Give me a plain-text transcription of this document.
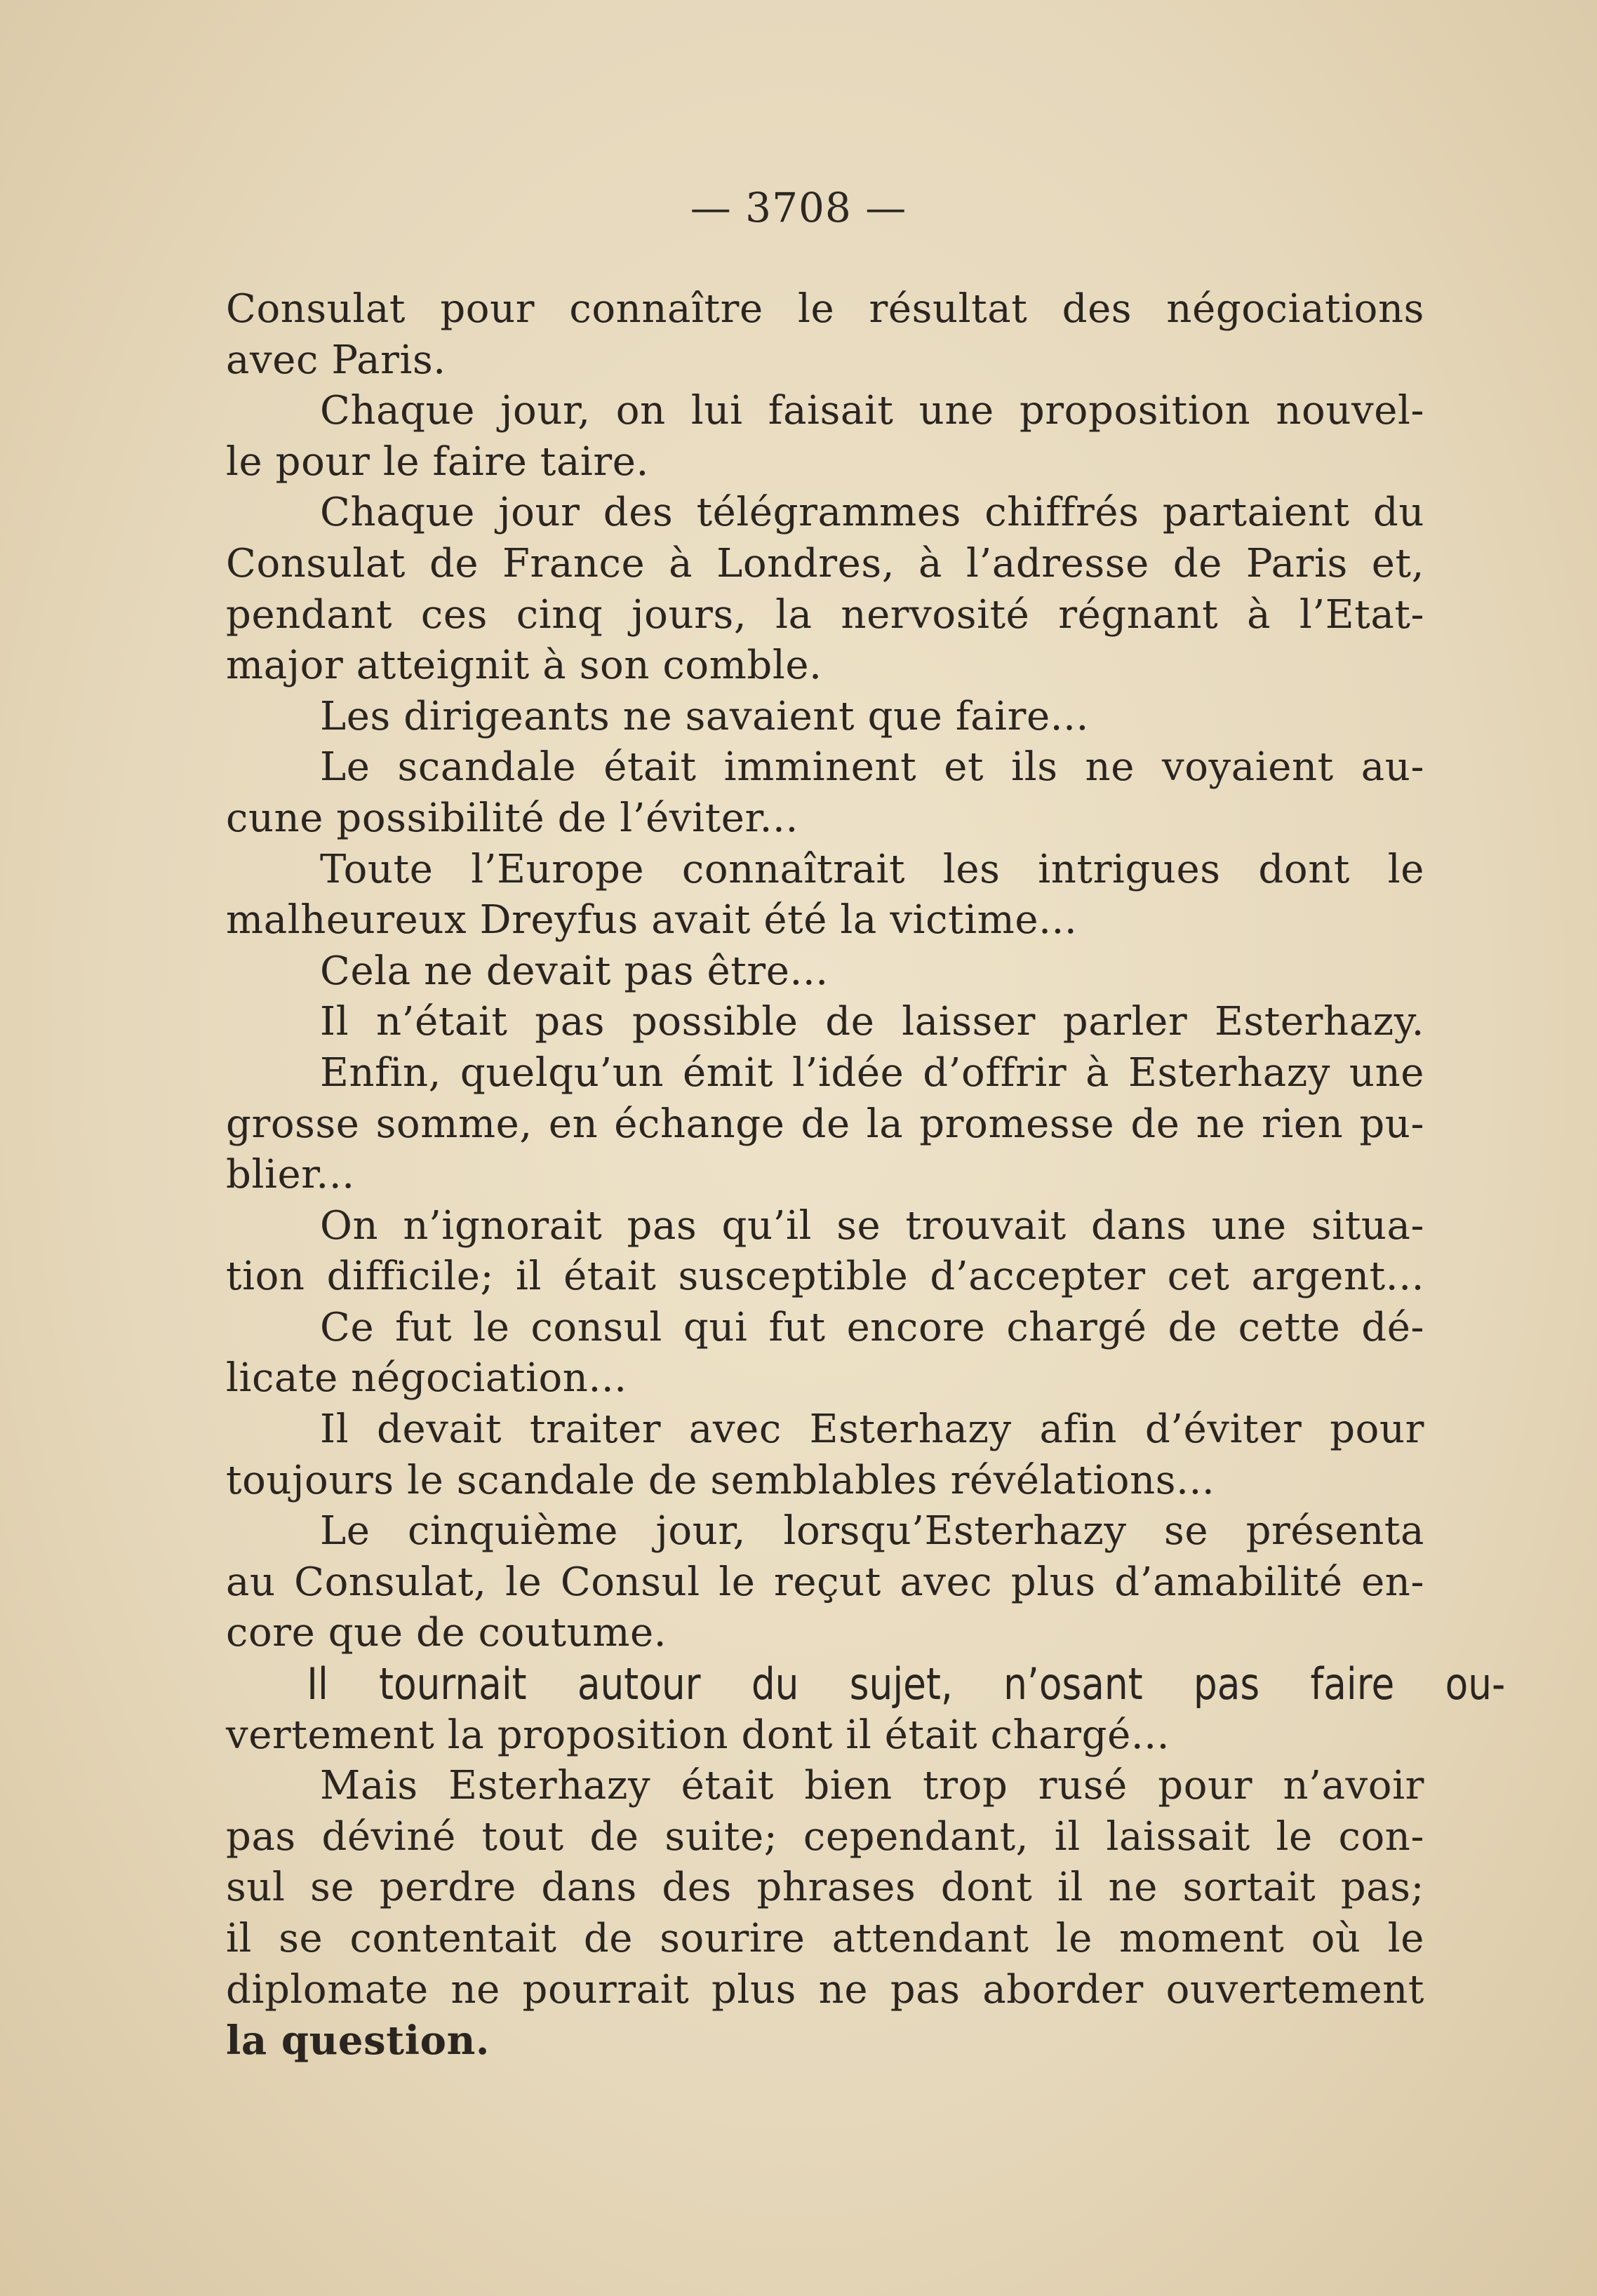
— 3708 —
Consulat pour connaître le résultat des négociations
avec Paris.
Chaque jour, on lui faisait une proposition nouvel-
le pour le faire taire.
Chaque jour des télégrammes chiffrés partaient du
Consulat de France à Londres, à l’adresse de Paris et,
pendant ces cinq jours, la nervosité régnant à l’Etat-
major atteignit à son comble.
Les dirigeants ne savaient que faire...
Le scandale était imminent et ils ne voyaient au-
cune possibilité de l’éviter...
Toute l’Europe connaîtrait les intrigues dont le
malheureux Dreyfus avait été la victime...
Cela ne devait pas être...
Il n’était pas possible de laisser parler Esterhazy.
Enfin, quelqu’un émit l’idée d’offrir à Esterhazy une
grosse somme, en échange de la promesse de ne rien pu-
blier...
On n’ignorait pas qu’il se trouvait dans une situa-
tion difficile; il était susceptible d’accepter cet argent...
Ce fut le consul qui fut encore chargé de cette dé-
licate négociation...
Il devait traiter avec Esterhazy afin d’éviter pour
toujours le scandale de semblables révélations...
Le cinquième jour, lorsqu’Esterhazy se présenta
au Consulat, le Consul le reçut avec plus d’amabilité en-
core que de coutume.
Il tournait autour du sujet, n’osant pas faire ou-
vertement la proposition dont il était chargé...
Mais Esterhazy était bien trop rusé pour n’avoir
pas déviné tout de suite; cependant, il laissait le con-
sul se perdre dans des phrases dont il ne sortait pas;
il se contentait de sourire attendant le moment où le
diplomate ne pourrait plus ne pas aborder ouvertement
la question.
